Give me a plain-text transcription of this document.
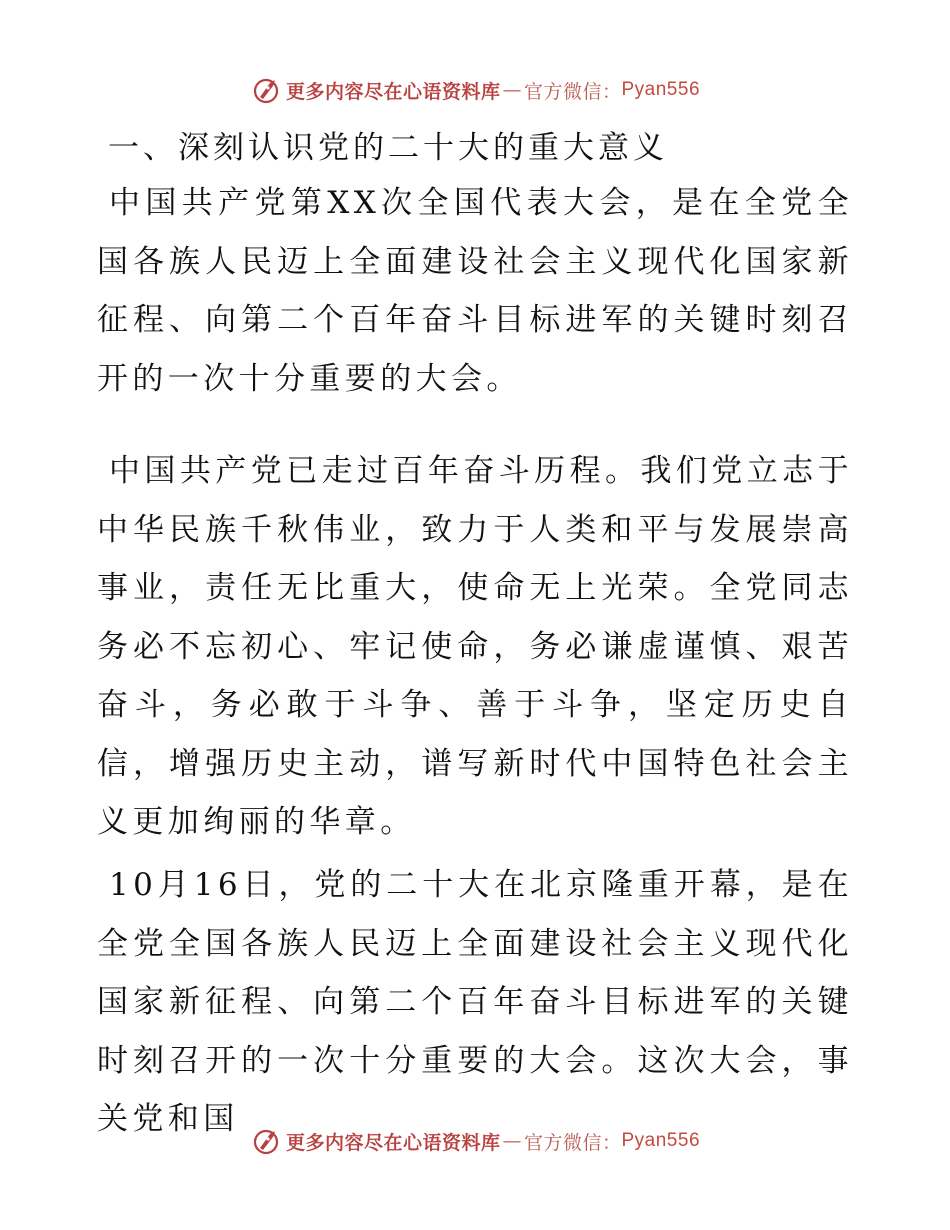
更多内容尽在心语资料库 — 官方微信： Pyan556
一、深刻认识党的二十大的重大意义

中国共产党第XX次全国代表大会，是在全党全国各族人民迈上全面建设社会主义现代化国家新征程、向第二个百年奋斗目标进军的关键时刻召开的一次十分重要的大会。

中国共产党已走过百年奋斗历程。我们党立志于中华民族千秋伟业，致力于人类和平与发展崇高事业，责任无比重大，使命无上光荣。全党同志务必不忘初心、牢记使命，务必谦虚谨慎、艰苦奋斗，务必敢于斗争、善于斗争，坚定历史自信，增强历史主动，谱写新时代中国特色社会主义更加绚丽的华章。

10月16日，党的二十大在北京隆重开幕，是在全党全国各族人民迈上全面建设社会主义现代化国家新征程、向第二个百年奋斗目标进军的关键时刻召开的一次十分重要的大会。这次大会，事关党和国

更多内容尽在心语资料库 — 官方微信： Pyan556
